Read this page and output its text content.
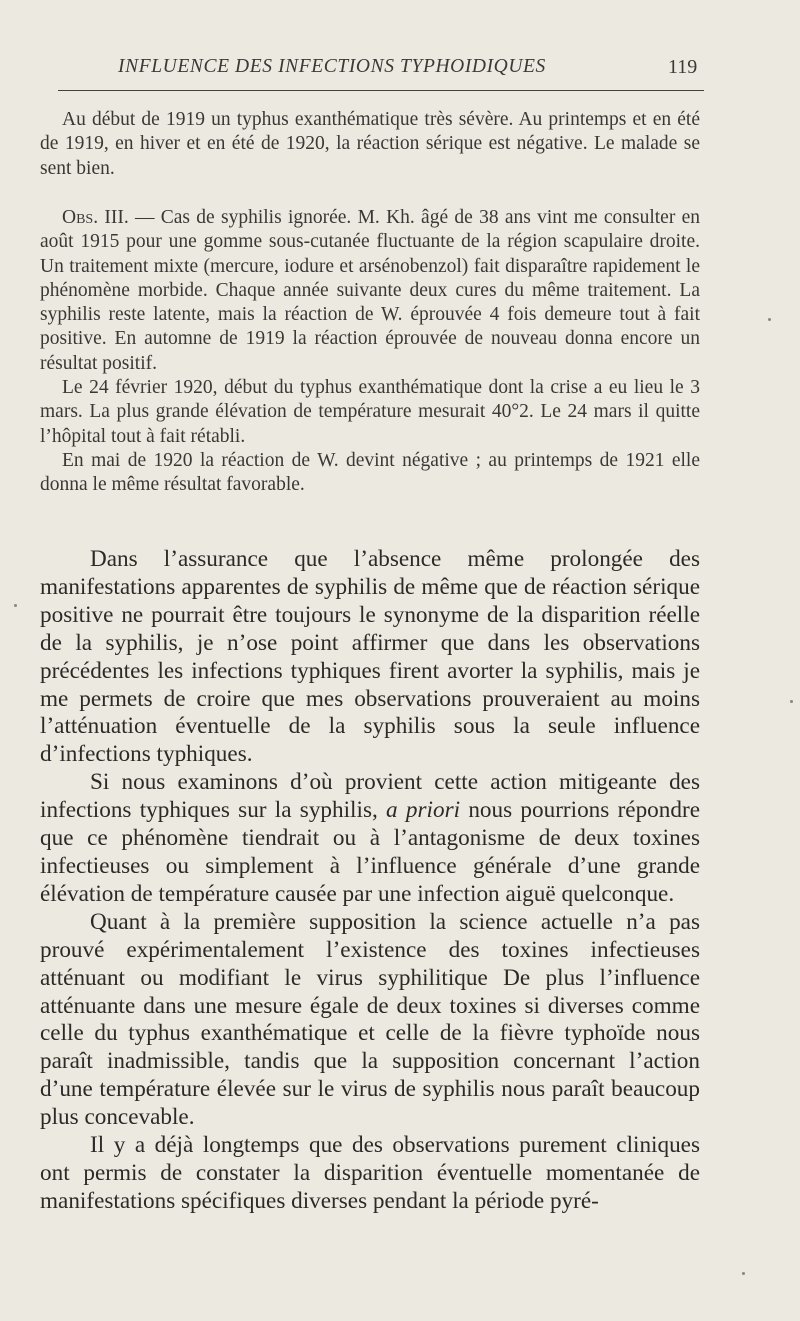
INFLUENCE DES INFECTIONS TYPHOIDIQUES	119

Au début de 1919 un typhus exanthématique très sévère. Au printemps et en été de 1919, en hiver et en été de 1920, la réaction sérique est négative. Le malade se sent bien.

Obs. III. — Cas de syphilis ignorée. M. Kh. âgé de 38 ans vint me consulter en août 1915 pour une gomme sous-cutanée fluctuante de la région scapulaire droite. Un traitement mixte (mercure, iodure et arsénobenzol) fait disparaître rapidement le phénomène morbide. Chaque année suivante deux cures du même traitement. La syphilis reste latente, mais la réaction de W. éprouvée 4 fois demeure tout à fait positive. En automne de 1919 la réaction éprouvée de nouveau donna encore un résultat positif.

Le 24 février 1920, début du typhus exanthématique dont la crise a eu lieu le 3 mars. La plus grande élévation de température mesurait 40°2. Le 24 mars il quitte l’hôpital tout à fait rétabli.

En mai de 1920 la réaction de W. devint négative ; au printemps de 1921 elle donna le même résultat favorable.

Dans l’assurance que l’absence même prolongée des manifestations apparentes de syphilis de même que de réaction sérique positive ne pourrait être toujours le synonyme de la disparition réelle de la syphilis, je n’ose point affirmer que dans les observations précédentes les infections typhiques firent avorter la syphilis, mais je me permets de croire que mes observations prouveraient au moins l’atténuation éventuelle de la syphilis sous la seule influence d’infections typhiques.

Si nous examinons d’où provient cette action mitigeante des infections typhiques sur la syphilis, a priori nous pourrions répondre que ce phénomène tiendrait ou à l’antagonisme de deux toxines infectieuses ou simplement à l’influence générale d’une grande élévation de température causée par une infection aiguë quelconque.

Quant à la première supposition la science actuelle n’a pas prouvé expérimentalement l’existence des toxines infectieuses atténuant ou modifiant le virus syphilitique De plus l’influence atténuante dans une mesure égale de deux toxines si diverses comme celle du typhus exanthématique et celle de la fièvre typhoïde nous paraît inadmissible, tandis que la supposition concernant l’action d’une température élevée sur le virus de syphilis nous paraît beaucoup plus concevable.

Il y a déjà longtemps que des observations purement cliniques ont permis de constater la disparition éventuelle momentanée de manifestations spécifiques diverses pendant la période pyré-
